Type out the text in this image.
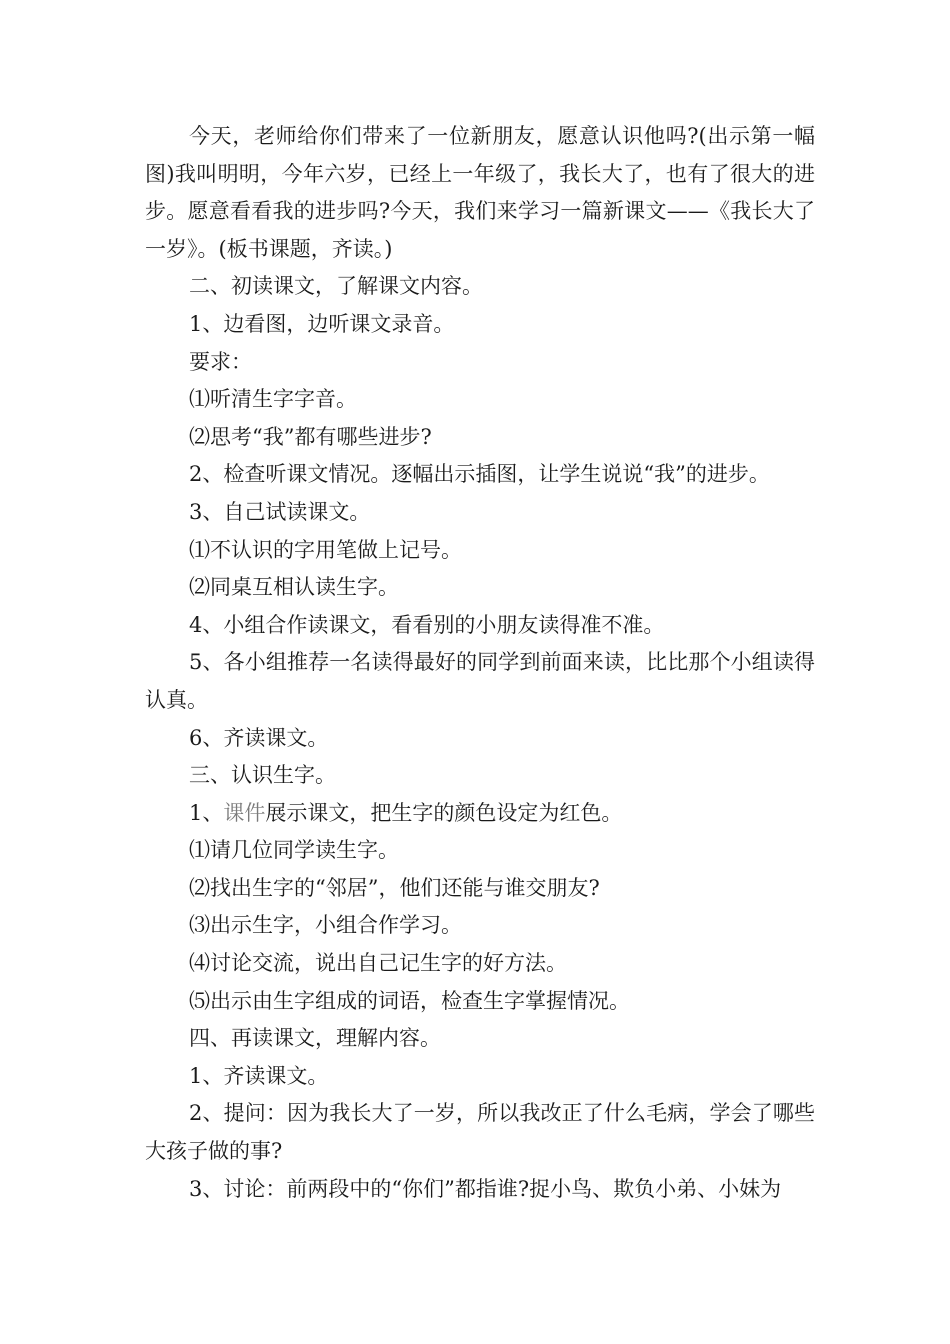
今天，老师给你们带来了一位新朋友，愿意认识他吗?(出示第一幅图)我叫明明，今年六岁，已经上一年级了，我长大了，也有了很大的进步。愿意看看我的进步吗?今天，我们来学习一篇新课文——《我长大了一岁》。(板书课题，齐读。)

二、初读课文，了解课文内容。

1、边看图，边听课文录音。

要求：

⑴听清生字字音。

⑵思考“我”都有哪些进步?

2、检查听课文情况。逐幅出示插图，让学生说说“我”的进步。

3、自己试读课文。

⑴不认识的字用笔做上记号。

⑵同桌互相认读生字。

4、小组合作读课文，看看别的小朋友读得准不准。

5、各小组推荐一名读得最好的同学到前面来读，比比那个小组读得认真。

6、齐读课文。

三、认识生字。

1、课件展示课文，把生字的颜色设定为红色。

⑴请几位同学读生字。

⑵找出生字的“邻居”，他们还能与谁交朋友?

⑶出示生字，小组合作学习。

⑷讨论交流，说出自己记生字的好方法。

⑸出示由生字组成的词语，检查生字掌握情况。

四、再读课文，理解内容。

1、齐读课文。

2、提问：因为我长大了一岁，所以我改正了什么毛病，学会了哪些大孩子做的事?

3、讨论：前两段中的“你们”都指谁?捉小鸟、欺负小弟、小妹为
